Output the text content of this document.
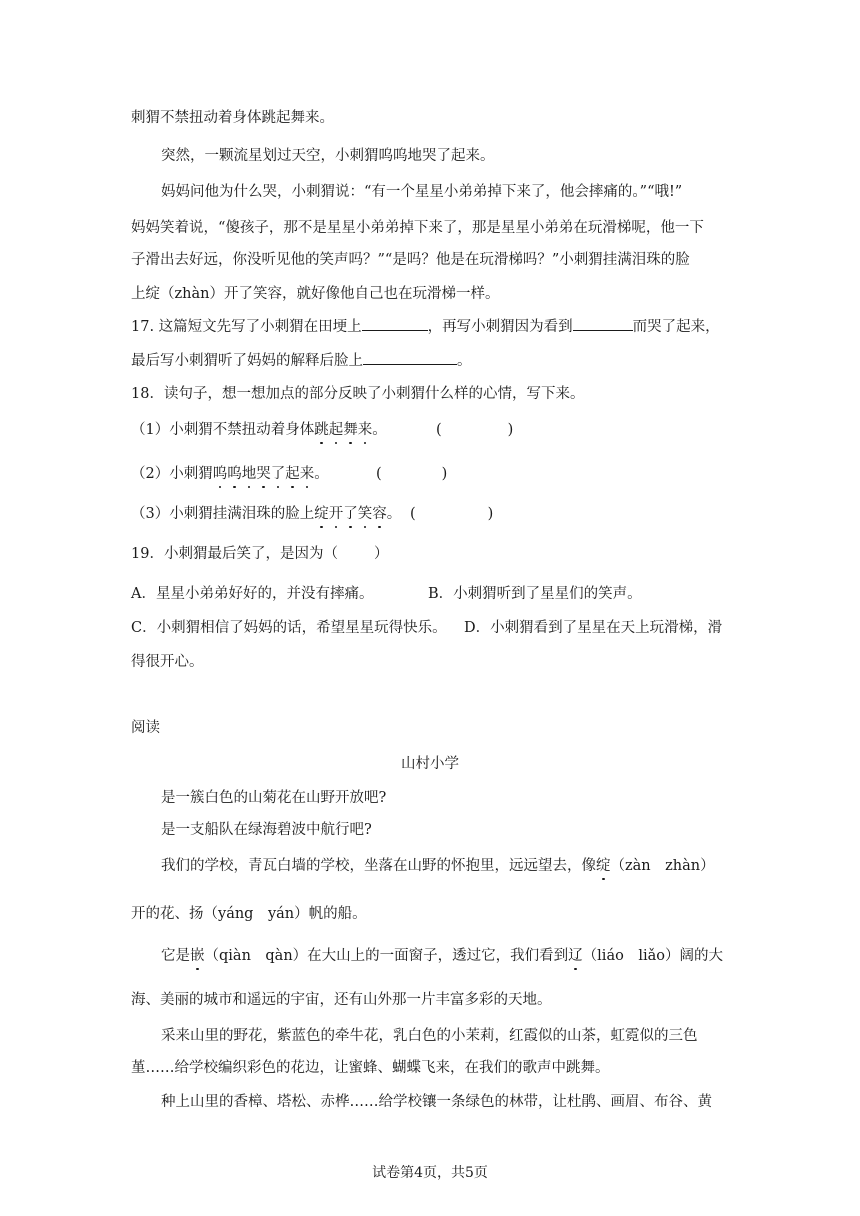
刺猬不禁扭动着身体跳起舞来。
突然，一颗流星划过天空，小刺猬呜呜地哭了起来。
妈妈问他为什么哭，小刺猬说：“有一个星星小弟弟掉下来了，他会摔痛的。”“哦!”
妈妈笑着说，“傻孩子，那不是星星小弟弟掉下来了，那是星星小弟弟在玩滑梯呢，他一下
子滑出去好远，你没听见他的笑声吗？”“是吗？他是在玩滑梯吗？”小刺猬挂满泪珠的脸
上绽（zhàn）开了笑容，就好像他自己也在玩滑梯一样。
17. 这篇短文先写了小刺猬在田埂上	，再写小刺猬因为看到	而哭了起来，
最后写小刺猬听了妈妈的解释后脸上	。
18．读句子，想一想加点的部分反映了小刺猬什么样的心情，写下来。
（1）小刺猬不禁扭动着身体跳起舞来。	(	)
（2）小刺猬呜呜地哭了起来。	(	)
（3）小刺猬挂满泪珠的脸上绽开了笑容。 (	)
19．小刺猬最后笑了，是因为（ ）
A．星星小弟弟好好的，并没有摔痛。	B．小刺猬听到了星星们的笑声。
C．小刺猬相信了妈妈的话，希望星星玩得快乐。 D．小刺猬看到了星星在天上玩滑梯，滑
得很开心。
阅读
山村小学
是一簇白色的山菊花在山野开放吧?
是一支船队在绿海碧波中航行吧?
我们的学校，青瓦白墙的学校，坐落在山野的怀抱里，远远望去，像绽（zàn　zhàn）
开的花、扬（yáng　yán）帆的船。
它是嵌（qiàn　qàn）在大山上的一面窗子，透过它，我们看到辽（liáo　liǎo）阔的大
海、美丽的城市和遥远的宇宙，还有山外那一片丰富多彩的天地。
采来山里的野花，紫蓝色的牵牛花，乳白色的小茉莉，红霞似的山茶，虹霓似的三色
堇……给学校编织彩色的花边，让蜜蜂、蝴蝶飞来，在我们的歌声中跳舞。
种上山里的香樟、塔松、赤桦……给学校镶一条绿色的林带，让杜鹃、画眉、布谷、黄
试卷第4页，共5页
